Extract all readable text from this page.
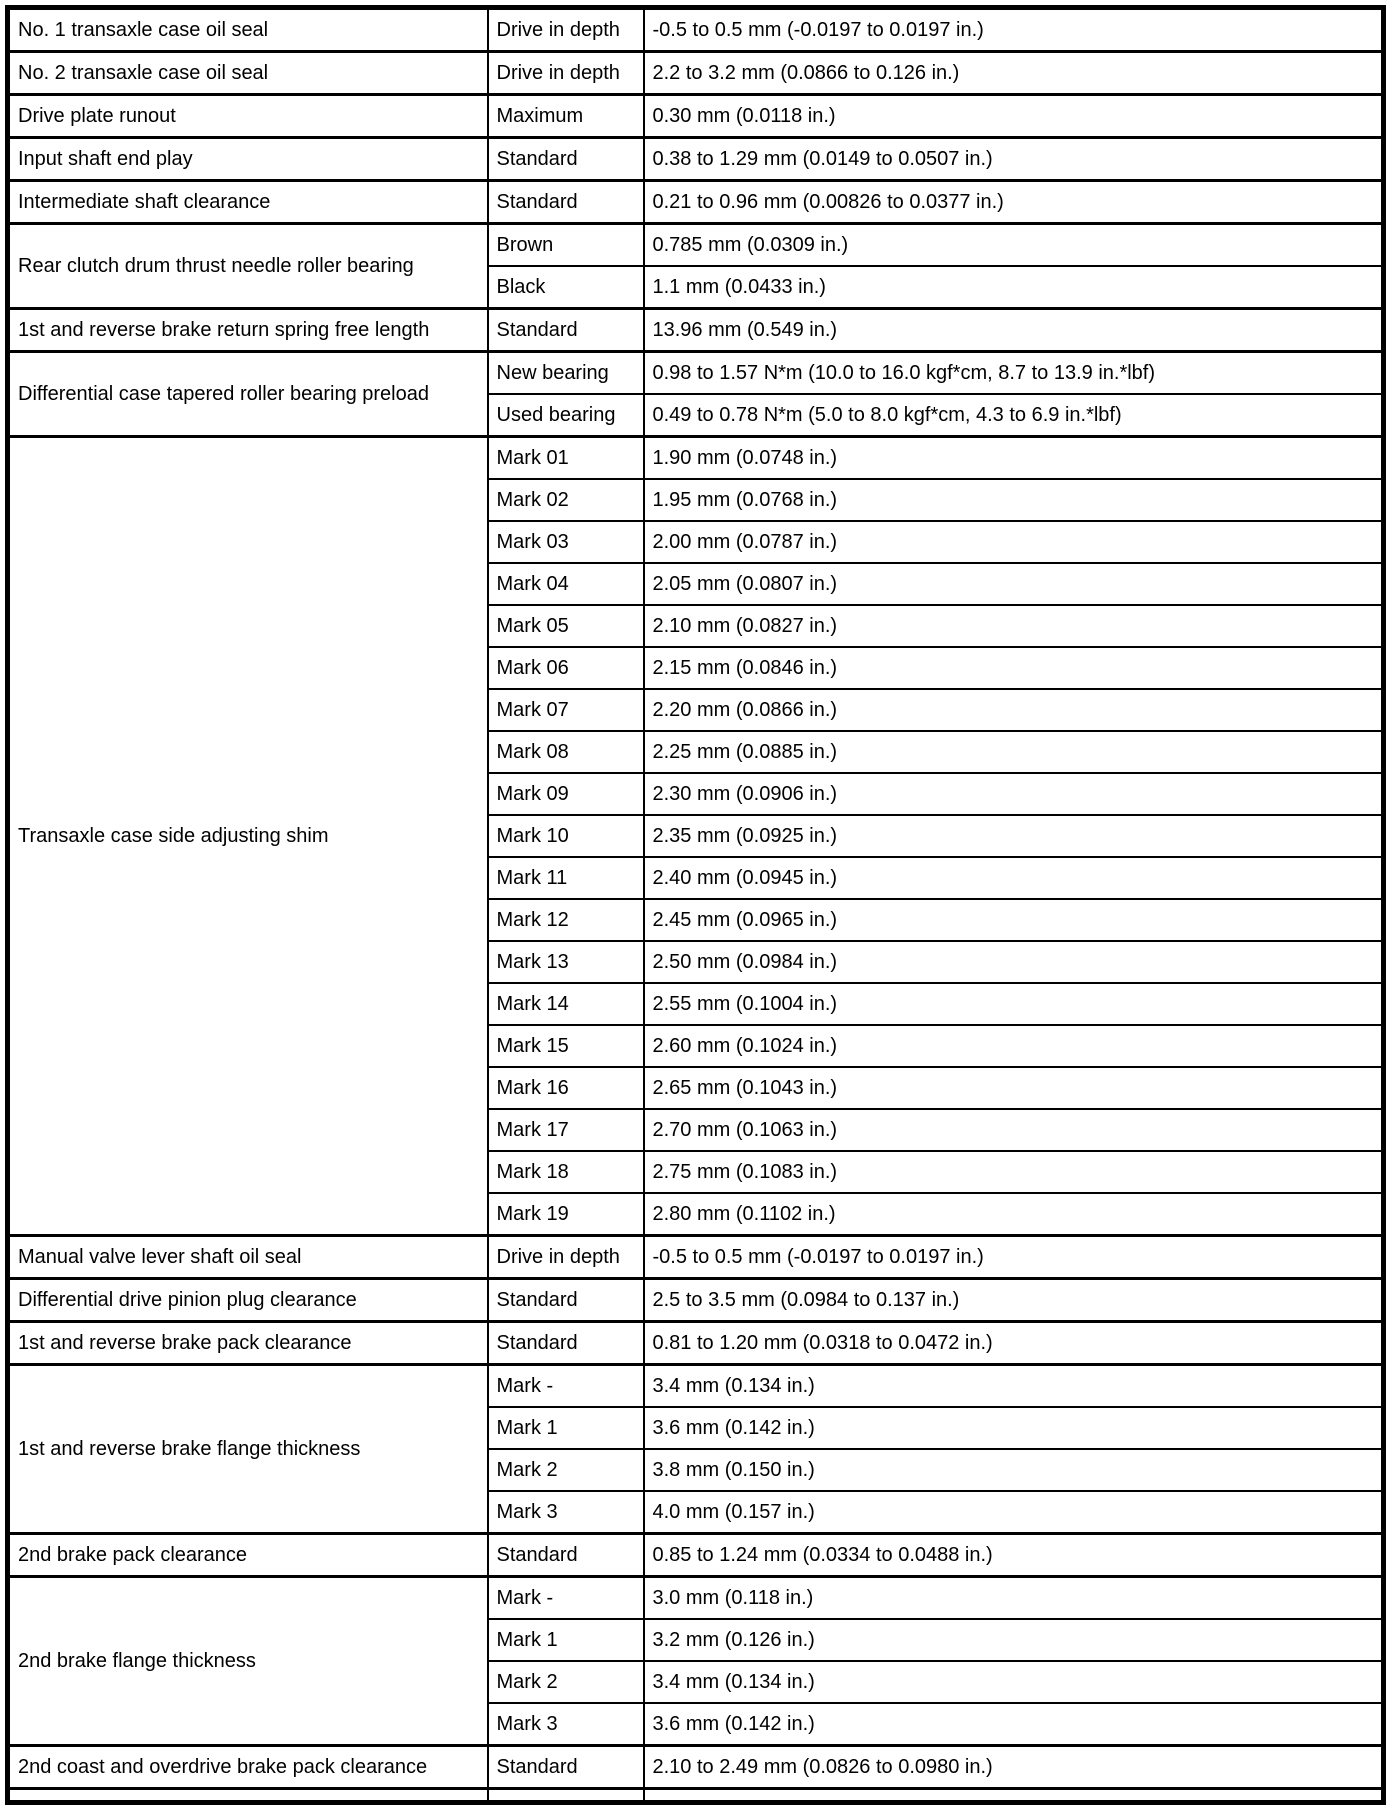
No. 1 transaxle case oil seal	Drive in depth	-0.5 to 0.5 mm (-0.0197 to 0.0197 in.)
No. 2 transaxle case oil seal	Drive in depth	2.2 to 3.2 mm (0.0866 to 0.126 in.)
Drive plate runout	Maximum	0.30 mm (0.0118 in.)
Input shaft end play	Standard	0.38 to 1.29 mm (0.0149 to 0.0507 in.)
Intermediate shaft clearance	Standard	0.21 to 0.96 mm (0.00826 to 0.0377 in.)
Rear clutch drum thrust needle roller bearing	Brown	0.785 mm (0.0309 in.)
	Black	1.1 mm (0.0433 in.)
1st and reverse brake return spring free length	Standard	13.96 mm (0.549 in.)
Differential case tapered roller bearing preload	New bearing	0.98 to 1.57 N*m (10.0 to 16.0 kgf*cm, 8.7 to 13.9 in.*lbf)
	Used bearing	0.49 to 0.78 N*m (5.0 to 8.0 kgf*cm, 4.3 to 6.9 in.*lbf)
Transaxle case side adjusting shim	Mark 01	1.90 mm (0.0748 in.)
	Mark 02	1.95 mm (0.0768 in.)
	Mark 03	2.00 mm (0.0787 in.)
	Mark 04	2.05 mm (0.0807 in.)
	Mark 05	2.10 mm (0.0827 in.)
	Mark 06	2.15 mm (0.0846 in.)
	Mark 07	2.20 mm (0.0866 in.)
	Mark 08	2.25 mm (0.0885 in.)
	Mark 09	2.30 mm (0.0906 in.)
	Mark 10	2.35 mm (0.0925 in.)
	Mark 11	2.40 mm (0.0945 in.)
	Mark 12	2.45 mm (0.0965 in.)
	Mark 13	2.50 mm (0.0984 in.)
	Mark 14	2.55 mm (0.1004 in.)
	Mark 15	2.60 mm (0.1024 in.)
	Mark 16	2.65 mm (0.1043 in.)
	Mark 17	2.70 mm (0.1063 in.)
	Mark 18	2.75 mm (0.1083 in.)
	Mark 19	2.80 mm (0.1102 in.)
Manual valve lever shaft oil seal	Drive in depth	-0.5 to 0.5 mm (-0.0197 to 0.0197 in.)
Differential drive pinion plug clearance	Standard	2.5 to 3.5 mm (0.0984 to 0.137 in.)
1st and reverse brake pack clearance	Standard	0.81 to 1.20 mm (0.0318 to 0.0472 in.)
1st and reverse brake flange thickness	Mark -	3.4 mm (0.134 in.)
	Mark 1	3.6 mm (0.142 in.)
	Mark 2	3.8 mm (0.150 in.)
	Mark 3	4.0 mm (0.157 in.)
2nd brake pack clearance	Standard	0.85 to 1.24 mm (0.0334 to 0.0488 in.)
2nd brake flange thickness	Mark -	3.0 mm (0.118 in.)
	Mark 1	3.2 mm (0.126 in.)
	Mark 2	3.4 mm (0.134 in.)
	Mark 3	3.6 mm (0.142 in.)
2nd coast and overdrive brake pack clearance	Standard	2.10 to 2.49 mm (0.0826 to 0.0980 in.)
